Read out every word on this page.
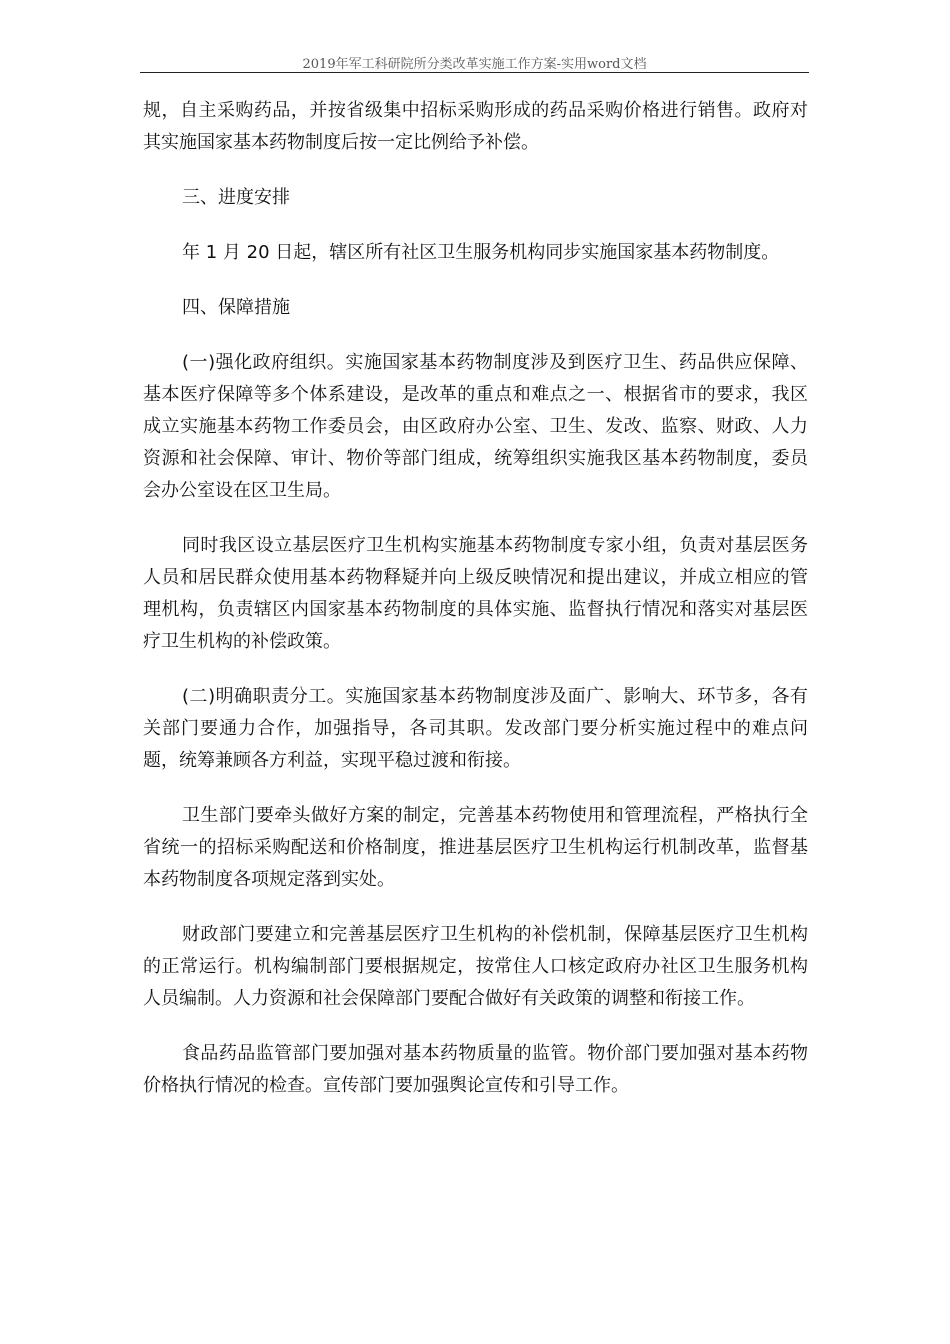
2019年军工科研院所分类改革实施工作方案-实用word文档

规，自主采购药品，并按省级集中招标采购形成的药品采购价格进行销售。政府对其实施国家基本药物制度后按一定比例给予补偿。

三、进度安排

年 1 月 20 日起，辖区所有社区卫生服务机构同步实施国家基本药物制度。

四、保障措施

(一)强化政府组织。实施国家基本药物制度涉及到医疗卫生、药品供应保障、基本医疗保障等多个体系建设，是改革的重点和难点之一、根据省市的要求，我区成立实施基本药物工作委员会，由区政府办公室、卫生、发改、监察、财政、人力资源和社会保障、审计、物价等部门组成，统筹组织实施我区基本药物制度，委员会办公室设在区卫生局。

同时我区设立基层医疗卫生机构实施基本药物制度专家小组，负责对基层医务人员和居民群众使用基本药物释疑并向上级反映情况和提出建议，并成立相应的管理机构，负责辖区内国家基本药物制度的具体实施、监督执行情况和落实对基层医疗卫生机构的补偿政策。

(二)明确职责分工。实施国家基本药物制度涉及面广、影响大、环节多，各有关部门要通力合作，加强指导，各司其职。发改部门要分析实施过程中的难点问题，统筹兼顾各方利益，实现平稳过渡和衔接。

卫生部门要牵头做好方案的制定，完善基本药物使用和管理流程，严格执行全省统一的招标采购配送和价格制度，推进基层医疗卫生机构运行机制改革，监督基本药物制度各项规定落到实处。

财政部门要建立和完善基层医疗卫生机构的补偿机制，保障基层医疗卫生机构的正常运行。机构编制部门要根据规定，按常住人口核定政府办社区卫生服务机构人员编制。人力资源和社会保障部门要配合做好有关政策的调整和衔接工作。

食品药品监管部门要加强对基本药物质量的监管。物价部门要加强对基本药物价格执行情况的检查。宣传部门要加强舆论宣传和引导工作。
